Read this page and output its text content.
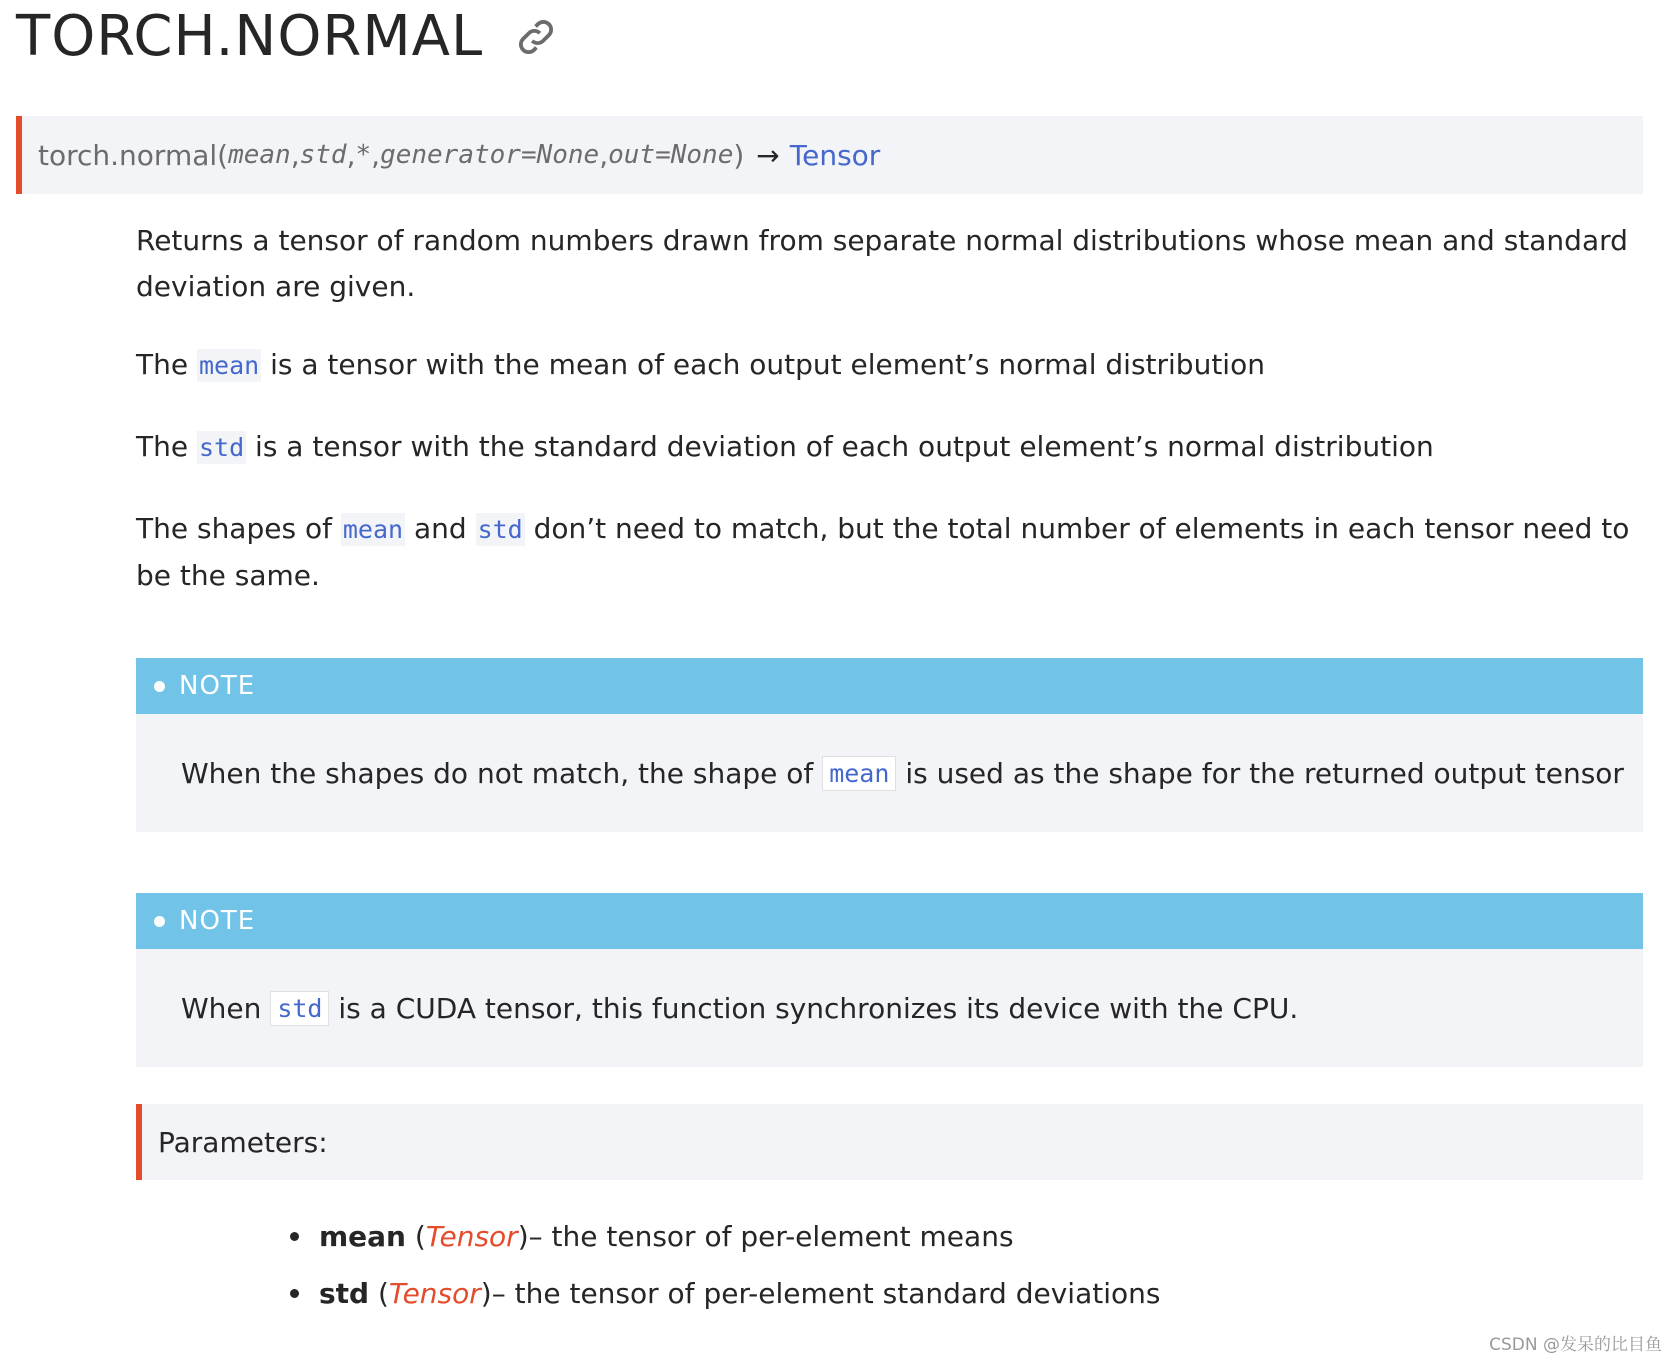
TORCH.NORMAL
torch.normal ( mean , std , * , generator=None , out=None ) → Tensor

Returns a tensor of random numbers drawn from separate normal distributions whose mean and standard deviation are given.

The mean is a tensor with the mean of each output element’s normal distribution

The std is a tensor with the standard deviation of each output element’s normal distribution

The shapes of mean and std don’t need to match, but the total number of elements in each tensor need to be the same.

NOTE
When the shapes do not match, the shape of
mean
is used as the shape for the returned output tensor
NOTE
When
std
is a CUDA tensor, this function synchronizes its device with the CPU.
Parameters:
mean ( Tensor ) – the tensor of per-element means
std ( Tensor ) – the tensor of per-element standard deviations
CSDN @发呆的比目鱼
